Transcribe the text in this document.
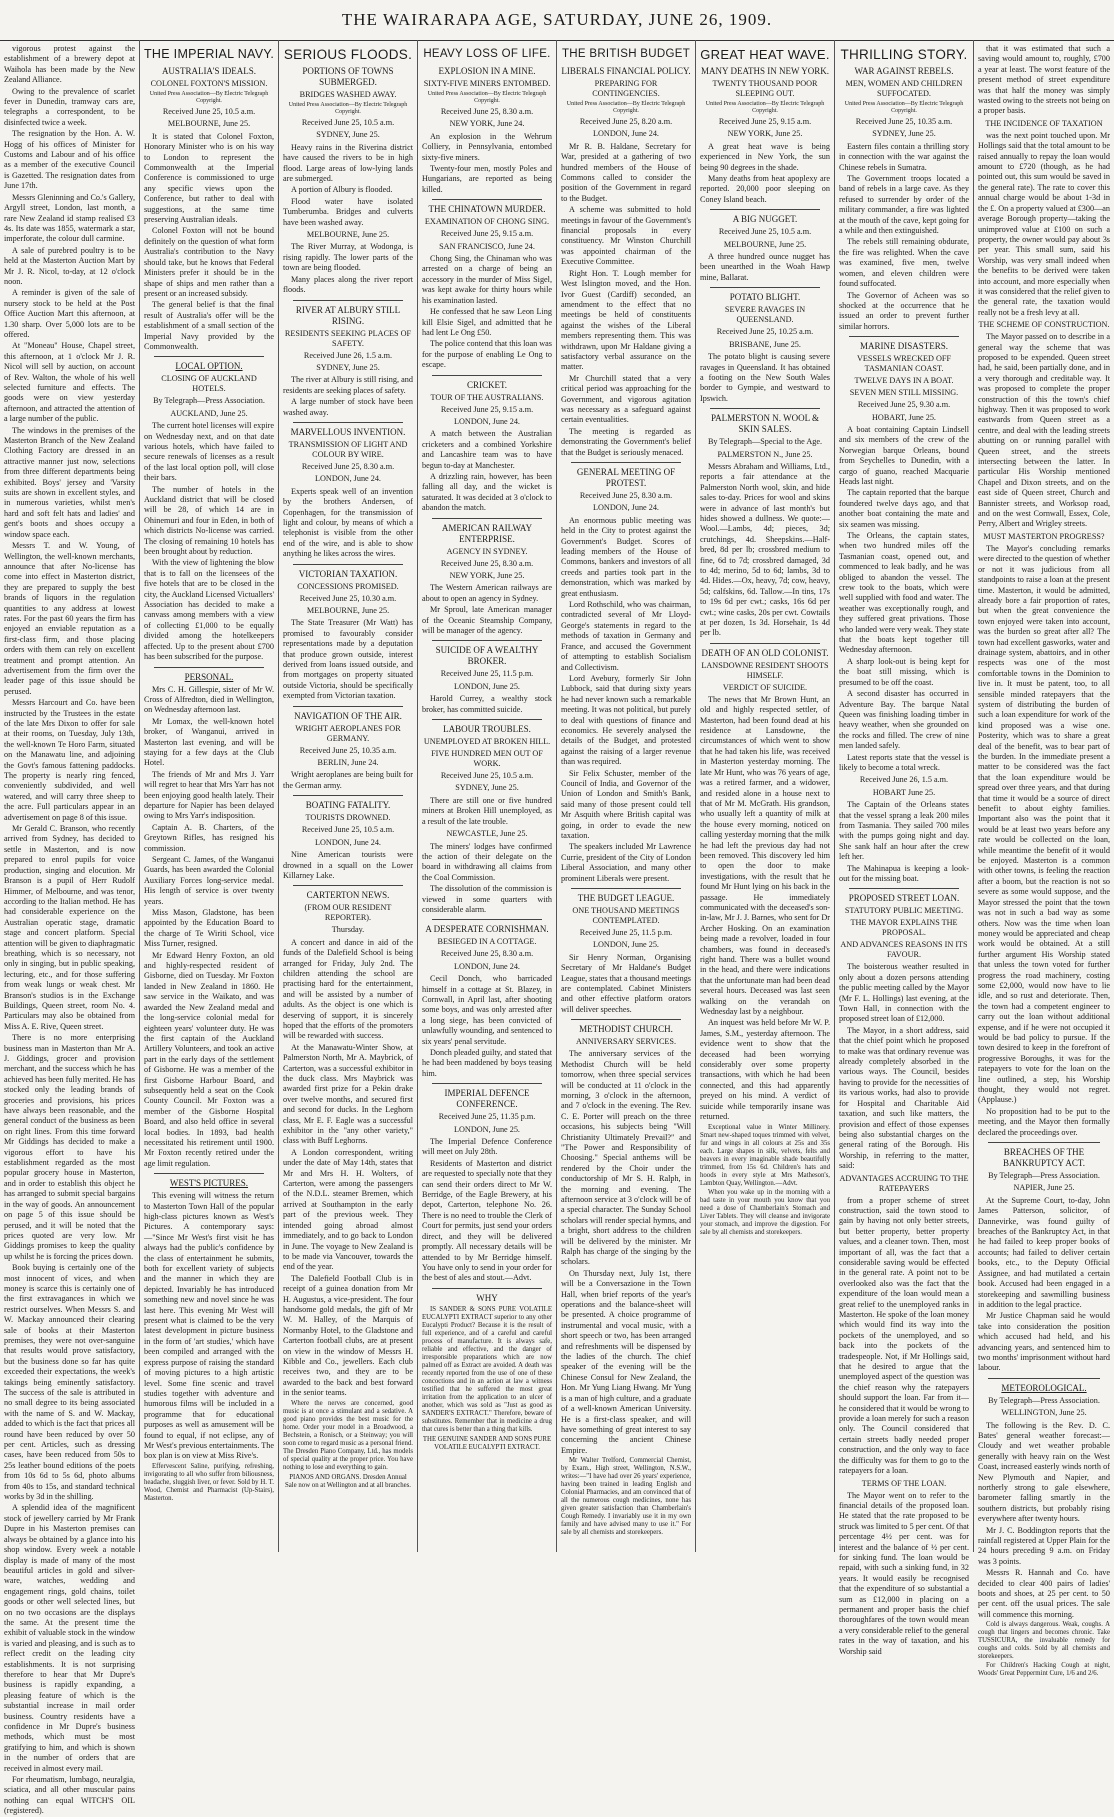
THE WAIRARAPA AGE, SATURDAY, JUNE 26, 1909.

vigorous protest against the establishment of a brewery depot at Waihola has been made by the New Zealand Alliance.

Owing to the prevalence of scarlet fever in Dunedin, tramway cars are, telegraphs a correspondent, to be disinfected twice a week.

The resignation by the Hon. A. W. Hogg of his offices of Minister for Customs and Labour and of his office as a member of the executive Council is Gazetted. The resignation dates from June 17th.

Messrs Gleninning and Co.'s Gallery, Argyll street, London, last month, a rare New Zealand id stamp realised £3 4s. Its date was 1855, watermark a star, imperforate, the colour dull carmine.

A sale of purebred poultry is to be held at the Masterton Auction Mart by Mr J. R. Nicol, to-day, at 12 o'clock noon.

A reminder is given of the sale of nursery stock to be held at the Post Office Auction Mart this afternoon, at 1.30 sharp. Over 5,000 lots are to be offered.

At "Moneau" House, Chapel street, this afternoon, at 1 o'clock Mr J. R. Nicol will sell by auction, on account of Rev. Walton, the whole of his well selected furniture and effects. The goods were on view yesterday afternoon, and attracted the attention of a large number of the public.

The windows in the premises of the Masterton Branch of the New Zealand Clothing Factory are dressed in an attractive manner just now, selections from three different departments being exhibited. Boys' jersey and 'Varsity suits are shown in excellent styles, and in numerous varieties, whilst men's hard and soft felt hats and ladies' and gent's boots and shoes occupy a window space each.

Messrs T. and W. Young, of Wellington, the well-known merchants, announce that after No-license has come into effect in Masterton district, they are prepared to supply the best brands of liquors in the regulation quantities to any address at lowest rates. For the past 60 years the firm has enjoyed an enviable reputation as a first-class firm, and those placing orders with them can rely on excellent treatment and prompt attention. An advertisement from the firm over the leader page of this issue should be perused.

Messrs Harcourt and Co. have been instructed by the Trustees in the estate of the late Mrs Dixon to offer for sale at their rooms, on Tuesday, July 13th, the well-known Te Horo Farm, situated on the Manawatu line, and adjoining the Govt's famous fattening paddocks. The property is nearly ring fenced, conveniently subdivided, and well watered, and will carry three sheep to the acre. Full particulars appear in an advertisement on page 8 of this issue.

Mr Gerald C. Branson, who recently arrived from Sydney, has decided to settle in Masterton, and is now prepared to enrol pupils for voice production, singing and elocution. Mr Branson is a pupil of Herr Rudolf Himmer, of Melbourne, and was tenor, according to the Italian method. He has had considerable experience on the Australian operatic stage, dramatic stage and concert platform. Special attention will be given to diaphragmatic breathing, which is so necessary, not only in singing, but in public speaking, lecturing, etc., and for those suffering from weak lungs or weak chest. Mr Branson's studios is in the Exchange Buildings, Queen street, room No. 4. Particulars may also be obtained from Miss A. E. Rive, Queen street.

There is no more enterprising business man in Masterton than Mr A. J. Giddings, grocer and provision merchant, and the success which he has achieved has been fully merited. He has stocked only the leading brands of groceries and provisions, his prices have always been reasonable, and the general conduct of the business as been on right lines. From this time forward Mr Giddings has decided to make a vigorous effort to have his establishment regarded as the most popular grocery house in Masterton, and in order to establish this object he has arranged to submit special bargains in the way of goods. An announcement on page 5 of this issue should be perused, and it will be noted that the prices quoted are very low. Mr Giddings promises to keep the quality up whilst he is forcing the prices down.

Book buying is certainly one of the most innocent of vices, and when money is scarce this is certainly one of the first extravagances in which we restrict ourselves. When Messrs S. and W. Mackay announced their clearing sale of books at their Masterton premises, they were not over-sanguine that results would prove satisfactory, but the business done so far has quite exceeded their expectations, the week's takings being eminently satisfactory. The success of the sale is attributed in no small degree to its being associated with the name of S. and W. Mackay, added to which is the fact that prices all round have been reduced by over 50 per cent. Articles, such as dressing cases, have been reduced from 50s to 25s leather bound editions of the poets from 10s 6d to 5s 6d, photo albums from 40s to 15s, and standard technical works by 3d in the shilling.

A splendid idea of the magnificent stock of jewellery carried by Mr Frank Dupre in his Masterton premises can always be obtained by a glance into his shop window. Every week a notable display is made of many of the most beautiful articles in gold and silver-ware, watches, wedding and engagement rings, gold chains, toilet goods or other well selected lines, but on no two occasions are the displays the same. At the present time the exhibit of valuable stock in the window is varied and pleasing, and is such as to reflect credit on the leading city establishments. It is not surprising therefore to hear that Mr Dupre's business is rapidly expanding, a pleasing feature of which is the substantial increase in mail order business. Country residents have a confidence in Mr Dupre's business methods, which must be most gratifying to him, and which is shown in the number of orders that are received in almost every mail.

For rheumatism, lumbago, neuralgia, sciatica, and all other muscular pains nothing can equal WITCH'S OIL (registered).

THE IMPERIAL NAVY.
AUSTRALIA'S IDEALS.
COLONEL FOXTON'S MISSION.
United Press Association—By Electric Telegraph Copyright.
Received June 25, 10.5 a.m.
MELBOURNE, June 25.

It is stated that Colonel Foxton, Honorary Minister who is on his way to London to represent the Commonwealth at the Imperial Conference is commissioned to urge any specific views upon the Conference, but rather to deal with suggestions, at the same time preserving Australian ideals.

Colonel Foxton will not be bound definitely on the question of what form Australia's contribution to the Navy should take, but he knows that Federal Ministers prefer it should be in the shape of ships and men rather than a present or an increased subsidy.

The general belief is that the final result of Australia's offer will be the establishment of a small section of the Imperial Navy provided by the Commonwealth.

LOCAL OPTION.
CLOSING OF AUCKLAND HOTELS.
By Telegraph—Press Association.
AUCKLAND, June 25.

The current hotel licenses will expire on Wednesday next, and on that date various hotels, which have failed to secure renewals of licenses as a result of the last local option poll, will close their bars.

The number of hotels in the Auckland district that will be closed will be 28, of which 14 are in Ohinemuri and four in Eden, in both of which districts No-license was carried. The closing of remaining 10 hotels has been brought about by reduction.

With the view of lightening the blow that is to fall on the licensees of the five hotels that are to be closed in the city, the Auckland Licensed Victuallers' Association has decided to make a canvass among members with a view of collecting £1,000 to be equally divided among the hotelkeepers affected. Up to the present about £700 has been subscribed for the purpose.

PERSONAL.

Mrs C. H. Gillespie, sister of Mr W. Cross of Alfredton, died in Wellington, on Wednesday afternoon last.

Mr Lomax, the well-known hotel broker, of Wanganui, arrived in Masterton last evening, and will be staying for a few days at the Club Hotel.

The friends of Mr and Mrs J. Yarr will regret to hear that Mrs Yarr has not been enjoying good health lately. Their departure for Napier has been delayed owing to Mrs Yarr's indisposition.

Captain A. B. Charters, of the Greytown Rifles, has resigned his commission.

Sergeant C. James, of the Wanganui Guards, has been awarded the Colonial Auxiliary Forces long-service medal. His length of service is over twenty years.

Miss Mason, Gladstone, has been appointed by the Education Board to the charge of Te Wiriti School, vice Miss Turner, resigned.

Mr Edward Henry Foxton, an old and highly-respected resident of Gisborne, died on Tuesday. Mr Foxton landed in New Zealand in 1860. He saw service in the Waikato, and was awarded the New Zealand medal and the long-service colonial medal for eighteen years' volunteer duty. He was the first captain of the Auckland Artillery Volunteers, and took an active part in the early days of the settlement of Gisborne. He was a member of the first Gisborne Harbour Board, and subsequently held a seat on the Cook County Council. Mr Foxton was a member of the Gisborne Hospital Board, and also held office in several local bodies. In 1893, bad health necessitated his retirement until 1900. Mr Foxton recently retired under the age limit regulation.

WEST'S PICTURES.

This evening will witness the return to Masterton Town Hall of the popular high-class pictures known as West's Pictures. A contemporary says:—"Since Mr West's first visit he has always had the public's confidence by the class of entertainment he submits, both for excellent variety of subjects and the manner in which they are depicted. Invariably he has introduced something new and novel since he was last here. This evening Mr West will present what is claimed to be the very latest development in picture business in the form of 'art studies,' which have been compiled and arranged with the express purpose of raising the standard of moving pictures to a high artistic level. Some fine scenic and travel studies together with adventure and humorous films will be included in a programme that for educational purposes as well as amusement will be found to equal, if not eclipse, any of Mr West's previous entertainments. The box plan is on view at Miss Rive's.

Effervescent Saline, purifying, refreshing, invigorating to all who suffer from biliousness, headache, sluggish liver, or fever. Sold by H. T. Wood, Chemist and Pharmacist (Up-Stairs), Masterton.

SERIOUS FLOODS.
PORTIONS OF TOWNS SUBMERGED.
BRIDGES WASHED AWAY.
United Press Association—By Electric Telegraph Copyright.
Received June 25, 10.5 a.m.
SYDNEY, June 25.

Heavy rains in the Riverina district have caused the rivers to be in high flood. Large areas of low-lying lands are submerged.

A portion of Albury is flooded.

Flood water have isolated Tumberumba. Bridges and culverts have been washed away.

MELBOURNE, June 25.

The River Murray, at Wodonga, is rising rapidly. The lower parts of the town are being flooded.

Many places along the river report floods.

RIVER AT ALBURY STILL RISING.
RESIDENTS SEEKING PLACES OF SAFETY.
Received June 26, 1.5 a.m.
SYDNEY, June 25.

The river at Albury is still rising, and residents are seeking places of safety.

A large number of stock have been washed away.

MARVELLOUS INVENTION.
TRANSMISSION OF LIGHT AND COLOUR BY WIRE.
Received June 25, 8.30 a.m.
LONDON, June 24.

Experts speak well of an invention by the brothers Andersen, of Copenhagen, for the transmission of light and colour, by means of which a telephonist is visible from the other end of the wire, and is able to show anything he likes across the wires.

VICTORIAN TAXATION.
CONCESSIONS PROMISED.
Received June 25, 10.30 a.m.
MELBOURNE, June 25.

The State Treasurer (Mr Watt) has promised to favourably consider representations made by a deputation that produce grown outside, interest derived from loans issued outside, and from mortgages on property situated outside Victoria, should be specifically exempted from Victorian taxation.

NAVIGATION OF THE AIR.
WRIGHT AEROPLANES FOR GERMANY.
Received June 25, 10.35 a.m.
BERLIN, June 24.

Wright aeroplanes are being built for the German army.

BOATING FATALITY.
TOURISTS DROWNED.
Received June 25, 10.5 a.m.
LONDON, June 24.

Nine American tourists were drowned in a squall on the Lower Killarney Lake.

CARTERTON NEWS.
(FROM OUR RESIDENT REPORTER).
Thursday.

A concert and dance in aid of the funds of the Dalefield School is being arranged for Friday, July 2nd. The children attending the school are practising hard for the entertainment, and will be assisted by a number of adults. As the object is one which is deserving of support, it is sincerely hoped that the efforts of the promoters will be rewarded with success.

At the Manawatu-Winter Show, at Palmerston North, Mr A. Maybrick, of Carterton, was a successful exhibitor in the duck class. Mrs Maybrick was awarded first prize for a Pekin drake over twelve months, and secured first and second for ducks. In the Leghorn class, Mr E. F. Eagle was a successful exhibitor in the "any other variety," class with Buff Leghorns.

A London correspondent, writing under the date of May 14th, states that Mr and Mrs H. H. Wolters, of Carterton, were among the passengers of the N.D.L. steamer Bremen, which arrived at Southampton in the early part of the previous week. They intended going abroad almost immediately, and to go back to London in June. The voyage to New Zealand is to be made via Vancouver, towards the end of the year.

The Dalefield Football Club is in receipt of a guinea donation from Mr H. Augustus, a vice-president. The four handsome gold medals, the gift of Mr W. M. Halley, of the Marquis of Normanby Hotel, to the Gladstone and Carterton football clubs, are at present on view in the window of Messrs H. Kibble and Co., jewellers. Each club receives two, and they are to be awarded to the back and best forward in the senior teams.

Where the nerves are concerned, good music is at once a stimulant and a sedative. A good piano provides the best music for the home. Order your model in a Broadwood, a Bechstein, a Ronisch, or a Steinway; you will soon come to regard music as a personal friend. The Dresden Piano Company, Ltd., has models of special quality at the proper price. You have nothing to lose and everything to gain.

PIANOS AND ORGANS. Dresden Annual Sale now on at Wellington and at all branches.
HEAVY LOSS OF LIFE.
EXPLOSION IN A MINE.
SIXTY-FIVE MINERS ENTOMBED.
United Press Association—By Electric Telegraph Copyright.
Received June 25, 8.30 a.m.
NEW YORK, June 24.

An explosion in the Wehrum Colliery, in Pennsylvania, entombed sixty-five miners.

Twenty-four men, mostly Poles and Hungarians, are reported as being killed.

THE CHINATOWN MURDER.
EXAMINATION OF CHONG SING.
Received June 25, 9.15 a.m.
SAN FRANCISCO, June 24.

Chong Sing, the Chinaman who was arrested on a charge of being an accessory in the murder of Miss Sigel, was kept awake for thirty hours while his examination lasted.

He confessed that he saw Leon Ling kill Elsie Sigel, and admitted that he had lent Le Ong £50.

The police contend that this loan was for the purpose of enabling Le Ong to escape.

CRICKET.
TOUR OF THE AUSTRALIANS.
Received June 25, 9.15 a.m.
LONDON, June 24.

A match between the Australian cricketers and a combined Yorkshire and Lancashire team was to have begun to-day at Manchester.

A drizzling rain, however, has been falling all day, and the wicket is saturated. It was decided at 3 o'clock to abandon the match.

AMERICAN RAILWAY ENTERPRISE.
AGENCY IN SYDNEY.
Received June 25, 8.30 a.m.
NEW YORK, June 25.

The Western American railways are about to open an agency in Sydney.

Mr Sproul, late American manager of the Oceanic Steamship Company, will be manager of the agency.

SUICIDE OF A WEALTHY BROKER.
Received June 25, 11.5 p.m.
LONDON, June 25.

Harold Currey, a wealthy stock broker, has committed suicide.

LABOUR TROUBLES.
UNEMPLOYED AT BROKEN HILL.
FIVE HUNDRED MEN OUT OF WORK.
Received June 25, 10.5 a.m.
SYDNEY, June 25.

There are still one or five hundred miners at Broken Hill unemployed, as a result of the late trouble.

NEWCASTLE, June 25.

The miners' lodges have confirmed the action of their delegate on the board in withdrawing all claims from the Coal Commission.

The dissolution of the commission is viewed in some quarters with considerable alarm.

A DESPERATE CORNISHMAN.
BESIEGED IN A COTTAGE.
Received June 25, 8.30 a.m.
LONDON, June 24.

Cecil Donch, who barricaded himself in a cottage at St. Blazey, in Cornwall, in April last, after shooting some boys, and was only arrested after a long siege, has been convicted of unlawfully wounding, and sentenced to six years' penal servitude.

Donch pleaded guilty, and stated that he had been maddened by boys teasing him.

IMPERIAL DEFENCE CONFERENCE.
Received June 25, 11.35 p.m.
LONDON, June 25.

The Imperial Defence Conference will meet on July 28th.

Residents of Masterton and district are requested to specially note that they can send their orders direct to Mr W. Berridge, of the Eagle Brewery, at his depot, Carterton, telephone No. 26. There is no need to trouble the Clerk of Court for permits, just send your orders direct, and they will be delivered promptly. All necessary details will be attended to by Mr Berridge himself. You have only to send in your order for the best of ales and stout.—Advt.

WHY

IS SANDER & SONS PURE VOLATILE EUCALYPTI EXTRACT superior to any other Eucalypti Product? Because it is the result of full experience, and of a careful and careful process of manufacture. It is always safe, reliable and effective, and the danger of irresponsible preparations which are now palmed off as Extract are avoided. A death was recently reported from the use of one of these concoctions and in an action at law a witness testified that he suffered the most great irritation from the application to an ulcer of another, which was sold as "Just as good as SANDER'S EXTRACT." Therefore, beware of substitutes. Remember that in medicine a drug that cures is better than a thing that kills.

THE GENUINE SANDER AND SONS PURE VOLATILE EUCALYPTI EXTRACT.
THE BRITISH BUDGET
LIBERALS FINANCIAL POLICY.
PREPARING FOR CONTINGENCIES.
United Press Association—By Electric Telegraph Copyright.
Received June 25, 8.20 a.m.
LONDON, June 24.

Mr R. B. Haldane, Secretary for War, presided at a gathering of two hundred members of the House of Commons called to consider the position of the Government in regard to the Budget.

A scheme was submitted to hold meetings in favour of the Government's financial proposals in every constituency. Mr Winston Churchill was appointed chairman of the Executive Committee.

Right Hon. T. Lough member for West Islington moved, and the Hon. Ivor Guest (Cardiff) seconded, an amendment to the effect that no meetings be held of constituents against the wishes of the Liberal members representing them. This was withdrawn, upon Mr Haldane giving a satisfactory verbal assurance on the matter.

Mr Churchill stated that a very critical period was approaching for the Government, and vigorous agitation was necessary as a safeguard against certain eventualities.

The meeting is regarded as demonstrating the Government's belief that the Budget is seriously menaced.

GENERAL MEETING OF PROTEST.
Received June 25, 8.30 a.m.
LONDON, June 24.

An enormous public meeting was held in the City to protest against the Government's Budget. Scores of leading members of the House of Commons, bankers and investors of all creeds and parties took part in the demonstration, which was marked by great enthusiasm.

Lord Rothschild, who was chairman, contradicted several of Mr Lloyd-George's statements in regard to the methods of taxation in Germany and France, and accused the Government of attempting to establish Socialism and Collectivism.

Lord Avebury, formerly Sir John Lubbock, said that during sixty years he had never known such a remarkable meeting. It was not political, but purely to deal with questions of finance and economics. He severely analysed the details of the Budget, and protested against the raising of a larger revenue than was required.

Sir Felix Schuster, member of the Council of India, and Governor of the Union of London and Smith's Bank, said many of those present could tell Mr Asquith where British capital was going, in order to evade the new taxation.

The speakers included Mr Lawrence Currie, president of the City of London Liberal Association, and many other prominent Liberals were present.

THE BUDGET LEAGUE.
ONE THOUSAND MEETINGS CONTEMPLATED.
Received June 25, 11.5 p.m.
LONDON, June 25.

Sir Henry Norman, Organising Secretary of Mr Haldane's Budget League, states that a thousand meetings are contemplated. Cabinet Ministers and other effective platform orators will deliver speeches.

METHODIST CHURCH.
ANNIVERSARY SERVICES.

The anniversary services of the Methodist Church will be held tomorrow, when three special services will be conducted at 11 o'clock in the morning, 3 o'clock in the afternoon, and 7 o'clock in the evening. The Rev. C. E. Porter will preach on the three occasions, his subjects being "Will Christianity Ultimately Prevail?" and "The Power and Responsibility of Choosing." Special anthems will be rendered by the Choir under the conductorship of Mr S. H. Ralph, in the morning and evening. The afternoon service at 3 o'clock will be of a special character. The Sunday School scholars will render special hymns, and a bright, short address to the children will be delivered by the minister. Mr Ralph has charge of the singing by the scholars.

On Thursday next, July 1st, there will be a Conversazione in the Town Hall, when brief reports of the year's operations and the balance-sheet will be presented. A choice programme of instrumental and vocal music, with a short speech or two, has been arranged and refreshments will be dispensed by the ladies of the church. The chief speaker of the evening will be the Chinese Consul for New Zealand, the Hon. Mr Yung Liang Hwang. Mr Yung is a man of high culture, and a graduate of a well-known American University. He is a first-class speaker, and will have something of great interest to say concerning the ancient Chinese Empire.

Mr Walter Trelford, Commercial Chemist, by Exam., High street, Wellington, N.S.W., writes:—"I have had over 26 years' experience, having been trained in leading English and Colonial Pharmacies, and am convinced that of all the numerous cough medicines, none has given greater satisfaction than Chamberlain's Cough Remedy. I invariably use it in my own family and have advised many to use it." For sale by all chemists and storekeepers.

GREAT HEAT WAVE.
MANY DEATHS IN NEW YORK.
TWENTY THOUSAND POOR SLEEPING OUT.
United Press Association—By Electric Telegraph Copyright.
Received June 25, 9.15 a.m.
NEW YORK, June 25.

A great heat wave is being experienced in New York, the sun being 90 degrees in the shade.

Many deaths from heat apoplexy are reported. 20,000 poor sleeping on Coney Island beach.

A BIG NUGGET.
Received June 25, 10.5 a.m.
MELBOURNE, June 25.

A three hundred ounce nugget has been unearthed in the Woah Hawp mine, Ballarat.

POTATO BLIGHT.
SEVERE RAVAGES IN QUEENSLAND.
Received June 25, 10.25 a.m.
BRISBANE, June 25.

The potato blight is causing severe ravages in Queensland. It has obtained a footing on the New South Wales border to Gympie, and westward to Ipswich.

PALMERSTON N. WOOL & SKIN SALES.
By Telegraph—Special to the Age.
PALMERSTON N., June 25.

Messrs Abraham and Williams, Ltd., reports a fair attendance at the Palmerston North wool, skin, and hide sales to-day. Prices for wool and skins were in advance of last month's but hides showed a dullness. We quote:—Wool.—Lambs, 4d; pieces, 3d; crutchings, 4d. Sheepskins.—Half-bred, 8d per lb; crossbred medium to fine, 6d to 7d; crossbred damaged, 3d to 4d; merino, 5d to 6d; lambs, 3d to 4d. Hides.—Ox, heavy, 7d; cow, heavy, 5d; calfskins, 6d. Tallow.—In tins, 17s to 19s 6d per cwt.; casks, 16s 6d per cwt.; wine casks, 20s per cwt. Cowtails at per dozen, 1s 3d. Horsehair, 1s 4d per lb.

DEATH OF AN OLD COLONIST.
LANSDOWNE RESIDENT SHOOTS HIMSELF.
VERDICT OF SUICIDE.

The news that Mr Brown Hunt, an old and highly respected settler, of Masterton, had been found dead at his residence at Lansdowne, the circumstances of which went to show that he had taken his life, was received in Masterton yesterday morning. The late Mr Hunt, who was 76 years of age, was a retired farmer, and a widower, and resided alone in a house next to that of Mr M. McGrath. His grandson, who usually left a quantity of milk at the house every morning, noticed on calling yesterday morning that the milk he had left the previous day had not been removed. This discovery led him to open the door to make investigations, with the result that he found Mr Hunt lying on his back in the passage. He immediately communicated with the deceased's son-in-law, Mr J. J. Barnes, who sent for Dr Archer Hosking. On an examination being made a revolver, loaded in four chambers, was found in deceased's right hand. There was a bullet wound in the head, and there were indications that the unfortunate man had been dead several hours. Deceased was last seen walking on the verandah on Wednesday last by a neighbour.

An inquest was held before Mr W. P. James, S.M., yesterday afternoon. The evidence went to show that the deceased had been worrying considerably over some property transactions, with which he had been connected, and this had apparently preyed on his mind. A verdict of suicide while temporarily insane was returned.

Exceptional value in Winter Millinery. Smart new-shaped toques trimmed with velvet, fur and wings in all colours at 25s and 35s each. Large shapes in silk, velvets, felts and beavers in every imaginable shade beautifully trimmed, from 15s 6d. Children's hats and hoods in every style at Mrs Matheson's, Lambton Quay, Wellington.—Advt.

When you wake up in the morning with a bad taste in your mouth you know that you need a dose of Chamberlain's Stomach and Liver Tablets. They will cleanse and invigorate your stomach, and improve the digestion. For sale by all chemists and storekeepers.

THRILLING STORY.
WAR AGAINST REBELS.
MEN, WOMEN AND CHILDREN SUFFOCATED.
United Press Association—By Electric Telegraph Copyright.
Received June 25, 10.35 a.m.
SYDNEY, June 25.

Eastern files contain a thrilling story in connection with the war against the Chinese rebels in Sumatra.

The Government troops located a band of rebels in a large cave. As they refused to surrender by order of the military commander, a fire was lighted at the mouth of the cave, kept going for a while and then extinguished.

The rebels still remaining obdurate, the fire was relighted. When the cave was examined, five men, twelve women, and eleven children were found suffocated.

The Governor of Acheen was so shocked at the occurrence that he issued an order to prevent further similar horrors.

MARINE DISASTERS.
VESSELS WRECKED OFF TASMANIAN COAST.
TWELVE DAYS IN A BOAT.
SEVEN MEN STILL MISSING.
Received June 25, 9.30 a.m.
HOBART, June 25.

A boat containing Captain Lindsell and six members of the crew of the Norwegian barque Orleans, bound from Seychelles to Dunedin, with a cargo of guano, reached Macquarie Heads last night.

The captain reported that the barque foundered twelve days ago, and that another boat containing the mate and six seamen was missing.

The Orleans, the captain states, when two hundred miles off the Tasmanian coast, opened out, and commenced to leak badly, and he was obliged to abandon the vessel. The crew took to the boats, which were well supplied with food and water. The weather was exceptionally rough, and they suffered great privations. Those who landed were very weak. They state that the boats kept together till Wednesday afternoon.

A sharp look-out is being kept for the boat still missing, which is presumed to be off the coast.

A second disaster has occurred in Adventure Bay. The barque Natal Queen was finishing loading timber in heavy weather, when she grounded on the rocks and filled. The crew of nine men landed safely.

Latest reports state that the vessel is likely to become a total wreck.

Received June 26, 1.5 a.m.
HOBART June 25.

The Captain of the Orleans states that the vessel sprang a leak 200 miles from Tasmania. They sailed 700 miles with the pumps going night and day. She sank half an hour after the crew left her.

The Mahinapua is keeping a look-out for the missing boat.

PROPOSED STREET LOAN.
STATUTORY PUBLIC MEETING.
THE MAYOR EXPLAINS THE PROPOSAL.
AND ADVANCES REASONS IN ITS FAVOUR.

The boisterous weather resulted in only about a dozen persons attending the public meeting called by the Mayor (Mr F. L. Hollings) last evening, at the Town Hall, in connection with the proposed street loan of £12,000.

The Mayor, in a short address, said that the chief point which he proposed to make was that ordinary revenue was already completely absorbed in the various ways. The Council, besides having to provide for the necessities of its various works, had also to provide for Hospital and Charitable Aid taxation, and such like matters, the provision and effect of those expenses being also substantial charges on the general rating of the Borough. His Worship, in referring to the matter, said:

ADVANTAGES ACCRUING TO THE RATEPAYERS

from a proper scheme of street construction, said the town stood to gain by having not only better streets, but better property, better property values, and a cleaner town. Then, most important of all, was the fact that a considerable saving would be effected in the general rate. A point not to be overlooked also was the fact that the expenditure of the loan would mean a great relief to the unemployed ranks in Masterton. He spoke of the loan money which would find its way into the pockets of the unemployed, and so back into the pockets of the tradespeople. Not, if Mr Hollings said, that he desired to argue that the unemployed aspect of the question was the chief reason why the ratepayers should support the loan. Far from it—he considered that it would be wrong to provide a loan merely for such a reason only. The Council considered that certain streets badly needed proper construction, and the only way to face the difficulty was for them to go to the ratepayers for a loan.

TERMS OF THE LOAN.

The Mayor went on to refer to the financial details of the proposed loan. He stated that the rate proposed to be struck was limited to 5 per cent. Of that percentage 4½ per cent. was for interest and the balance of ½ per cent. for sinking fund. The loan would be repaid, with such a sinking fund, in 32 years. It would easily be recognised that the expenditure of so substantial a sum as £12,000 in placing on a permanent and proper basis the chief thoroughfares of the town would mean a very considerable relief to the general rates in the way of taxation, and his Worship said

that it was estimated that such a saving would amount to, roughly, £700 a year at least. The worst feature of the present method of street expenditure was that half the money was simply wasted owing to the streets not being on a proper basis.

THE INCIDENCE OF TAXATION

was the next point touched upon. Mr Hollings said that the total amount to be raised annually to repay the loan would amount to £720 (though, as he had pointed out, this sum would be saved in the general rate). The rate to cover this annual charge would be about 1-3d in the £. On a property valued at £300—an average Borough property—taking the unimproved value at £100 on such a property, the owner would pay about 3s per year. This small sum, said his Worship, was very small indeed when the benefits to be derived were taken into account, and more especially when it was considered that the relief given to the general rate, the taxation would really not be a fresh levy at all.

THE SCHEME OF CONSTRUCTION.

The Mayor passed on to describe in a general way the scheme that was proposed to be expended. Queen street had, he said, been partially done, and in a very thorough and creditable way. It was proposed to complete the proper construction of this the town's chief highway. Then it was proposed to work eastwards from Queen street as a centre, and deal with the leading streets abutting on or running parallel with Queen street, and the streets intersecting between the latter. In particular His Worship mentioned Chapel and Dixon streets, and on the east side of Queen street, Church and Bannister streets, and Worksop road, and on the west Cornwall, Essex, Cole, Perry, Albert and Wrigley streets.

MUST MASTERTON PROGRESS?

The Mayor's concluding remarks were directed to the question of whether or not it was judicious from all standpoints to raise a loan at the present time. Masterton, it would be admitted, already bore a fair proportion of rates, but when the great convenience the town enjoyed were taken into account, was the burden so great after all? The town had excellent gasworks, water and drainage system, abattoirs, and in other respects was one of the most comfortable towns in the Dominion to live in. It must be patent, too, to all sensible minded ratepayers that the system of distributing the burden of such a loan expenditure for work of the kind proposed was a wise one. Posterity, which was to share a great deal of the benefit, was to bear part of the burden. In the immediate present a matter to be considered was the fact that the loan expenditure would be spread over three years, and that during that time it would be a source of direct benefit to about eighty families. Important also was the point that it would be at least two years before any rate would be collected on the loan, while meantime the benefit of it would be enjoyed. Masterton is a common with other towns, is feeling the reaction after a boom, but the reaction is not so severe as some would suppose, and the Mayor stressed the point that the town was not in such a bad way as some others. Now was the time when loan money would be appreciated and cheap work would be obtained. At a still further argument His Worship stated that unless the town voted for further progress the road machinery, costing some £2,000, would now have to lie idle, and so rust and deteriorate. Then, the town had a competent engineer to carry out the loan without additional expense, and if he were not occupied it would be bad policy to pursue. If the town desired to keep in the forefront of progressive Boroughs, it was for the ratepayers to vote for the loan on the line outlined, a step, his Worship thought, they would not regret. (Applause.)

No proposition had to be put to the meeting, and the Mayor then formally declared the proceedings over.

BREACHES OF THE BANKRUPTCY ACT.
By Telegraph—Press Association.
NAPIER, June 25.

At the Supreme Court, to-day, John James Patterson, solicitor, of Dannevirke, was found guilty of breaches of the Bankruptcy Act, in that he had failed to keep proper books of accounts; had failed to deliver certain books, etc., to the Deputy Official Assignee, and had mutilated a certain book. Accused had been engaged in a storekeeping and sawmilling business in addition to the legal practice.

Mr Justice Chapman said he would take into consideration the position which accused had held, and his advancing years, and sentenced him to two months' imprisonment without hard labour.

METEOROLOGICAL.
By Telegraph—Press Association.
WELLINGTON, June 25.

The following is the Rev. D. C. Bates' general weather forecast:—Cloudy and wet weather probable generally with heavy rain on the West Coast, increased easterly winds north of New Plymouth and Napier, and northerly strong to gale elsewhere, barometer falling smartly in the southern districts, but probably rising everywhere after twenty hours.

Mr J. C. Boddington reports that the rainfall registered at Upper Plain for the 24 hours preceding 9 a.m. on Friday was 3 points.

Messrs R. Hannah and Co. have decided to clear 400 pairs of ladies' boots and shoes, at 25 per cent. to 50 per cent. off the usual prices. The sale will commence this morning.

Cold is always dangerous. Weak, coughs. A cough that lingers and becomes chronic. Take TUSSICURA, the invaluable remedy for coughs and colds. Sold by all chemists and storekeepers.

For Children's Hacking Cough at night, Woods' Great Peppermint Cure, 1/6 and 2/6.
